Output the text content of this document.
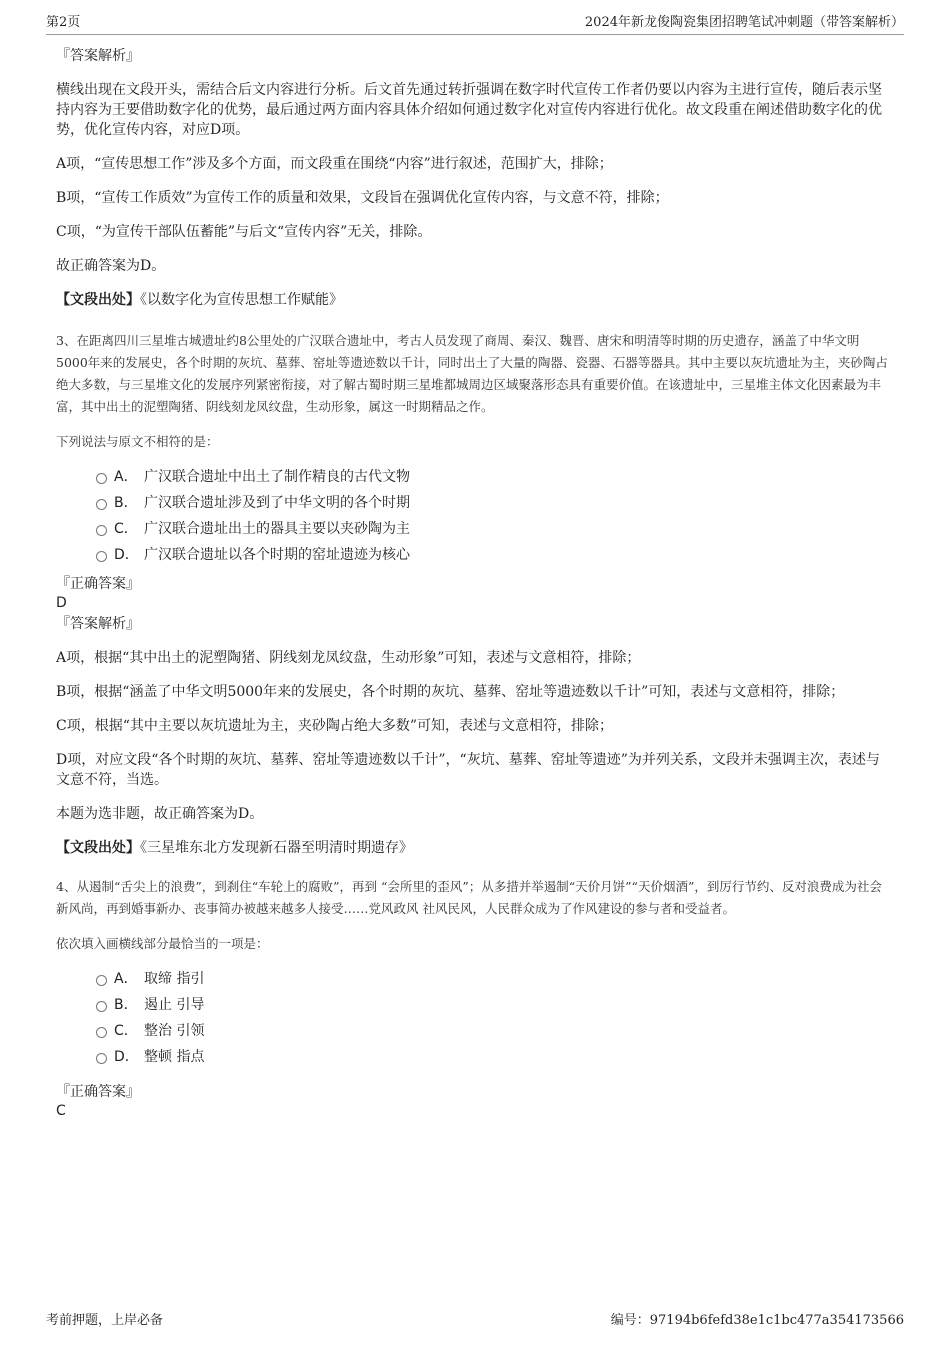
第2页	2024年新龙俊陶瓷集团招聘笔试冲刺题（带答案解析）

『答案解析』

横线出现在文段开头，需结合后文内容进行分析。后文首先通过转折强调在数字时代宣传工作者仍要以内容为主进行宣传，随后表示坚持内容为王要借助数字化的优势，最后通过两方面内容具体介绍如何通过数字化对宣传内容进行优化。故文段重在阐述借助数字化的优势，优化宣传内容，对应D项。

A项，“宣传思想工作”涉及多个方面，而文段重在围绕“内容”进行叙述，范围扩大，排除；

B项，“宣传工作质效”为宣传工作的质量和效果，文段旨在强调优化宣传内容，与文意不符，排除；

C项，“为宣传干部队伍蓄能”与后文“宣传内容”无关，排除。

故正确答案为D。

【文段出处】《以数字化为宣传思想工作赋能》

3、在距离四川三星堆古城遗址约8公里处的广汉联合遗址中，考古人员发现了商周、秦汉、魏晋、唐宋和明清等时期的历史遗存，涵盖了中华文明5000年来的发展史，各个时期的灰坑、墓葬、窑址等遗迹数以千计，同时出土了大量的陶器、瓷器、石器等器具。其中主要以灰坑遗址为主，夹砂陶占绝大多数，与三星堆文化的发展序列紧密衔接，对了解古蜀时期三星堆都城周边区域聚落形态具有重要价值。在该遗址中，三星堆主体文化因素最为丰富，其中出土的泥塑陶猪、阴线刻龙凤纹盘，生动形象，属这一时期精品之作。

下列说法与原文不相符的是：

A． 广汉联合遗址中出土了制作精良的古代文物
B． 广汉联合遗址涉及到了中华文明的各个时期
C． 广汉联合遗址出土的器具主要以夹砂陶为主
D． 广汉联合遗址以各个时期的窑址遗迹为核心

『正确答案』

D

『答案解析』

A项，根据“其中出土的泥塑陶猪、阴线刻龙凤纹盘，生动形象”可知，表述与文意相符，排除；

B项，根据“涵盖了中华文明5000年来的发展史，各个时期的灰坑、墓葬、窑址等遗迹数以千计”可知，表述与文意相符，排除；

C项，根据“其中主要以灰坑遗址为主，夹砂陶占绝大多数”可知，表述与文意相符，排除；

D项，对应文段“各个时期的灰坑、墓葬、窑址等遗迹数以千计”，“灰坑、墓葬、窑址等遗迹”为并列关系，文段并未强调主次，表述与文意不符，当选。

本题为选非题，故正确答案为D。

【文段出处】《三星堆东北方发现新石器至明清时期遗存》

4、从遏制“舌尖上的浪费”，到刹住“车轮上的腐败”，再到 “会所里的歪风”；从多措并举遏制“天价月饼”“天价烟酒”，到厉行节约、反对浪费成为社会新风尚，再到婚事新办、丧事简办被越来越多人接受……党风政风 社风民风，人民群众成为了作风建设的参与者和受益者。

依次填入画横线部分最恰当的一项是：

A． 取缔 指引
B． 遏止 引导
C． 整治 引领
D． 整顿 指点

『正确答案』

C

考前押题，上岸必备	编号：97194b6fefd38e1c1bc477a354173566
